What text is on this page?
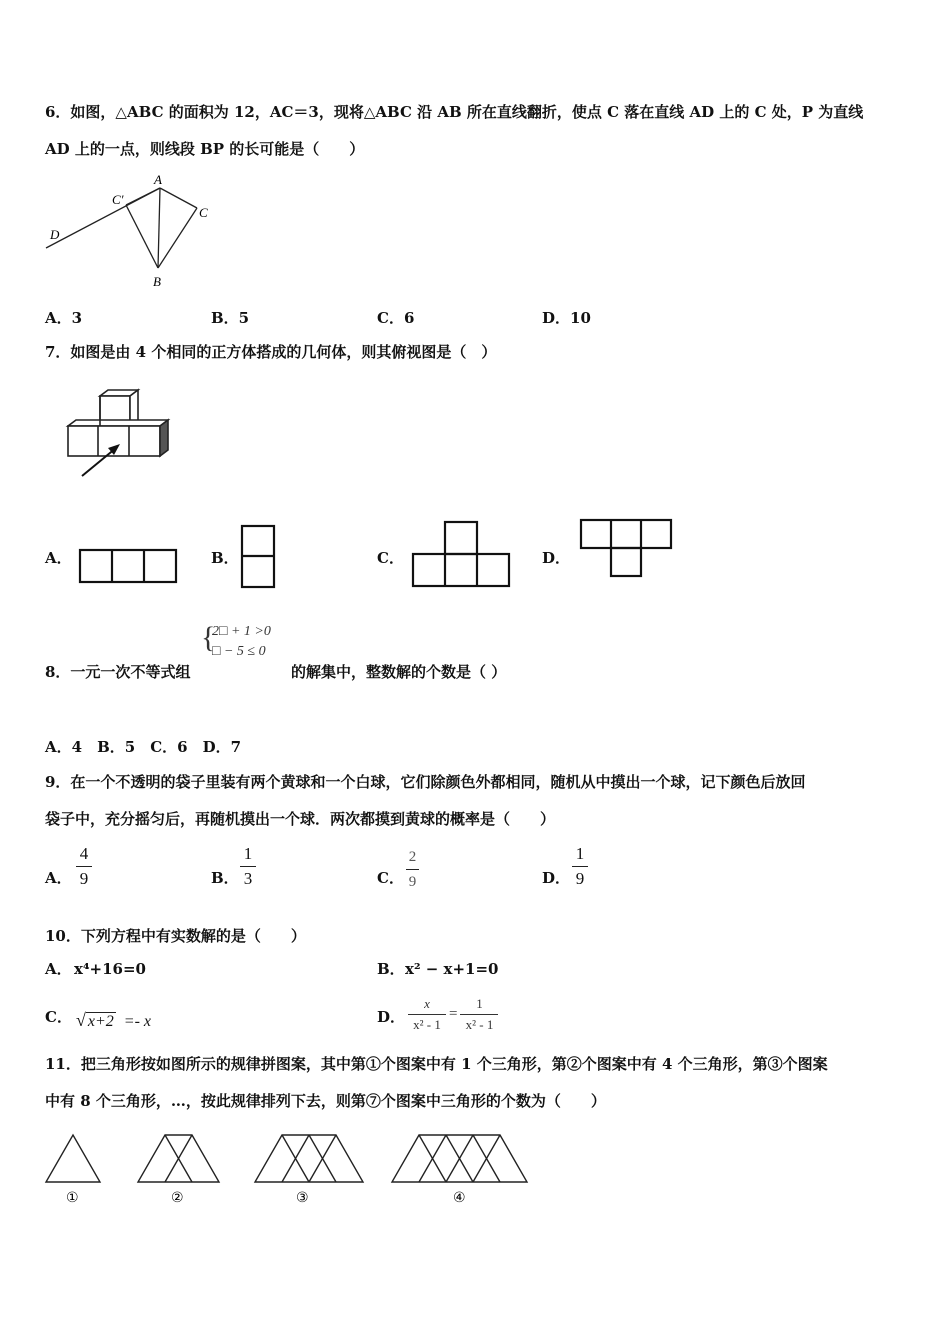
6．如图，△ABC 的面积为 12，AC＝3，现将△ABC 沿 AB 所在直线翻折，使点 C 落在直线 AD 上的 C 处，P 为直线
AD 上的一点，则线段 BP 的长可能是（　　）
A
C′
C
D
B
A．3	B．5	C．6	D．10
7．如图是由 4 个相同的正方体搭成的几何体，则其俯视图是（　）
A．	B．	C．	D．
{
2□ + 1 >0
□ − 5 ≤ 0
8．一元一次不等式组	的解集中，整数解的个数是（ ）
A．4　B．5　C．6　D．7
9．在一个不透明的袋子里装有两个黄球和一个白球，它们除颜色外都相同，随机从中摸出一个球，记下颜色后放回
袋子中，充分摇匀后，再随机摸出一个球．两次都摸到黄球的概率是（　　）
A．
4
9	B．
1
3	C．
2
9	D．
1
9
10．下列方程中有实数解的是（　　）
A． x⁴+16=0	B． x² − x+1=0
C． √ x+2 =- x	D．
x
x² - 1
=
1
x² - 1
11．把三角形按如图所示的规律拼图案，其中第①个图案中有 1 个三角形，第②个图案中有 4 个三角形，第③个图案
中有 8 个三角形，…，按此规律排列下去，则第⑦个图案中三角形的个数为（　　）
①	②	③	④
